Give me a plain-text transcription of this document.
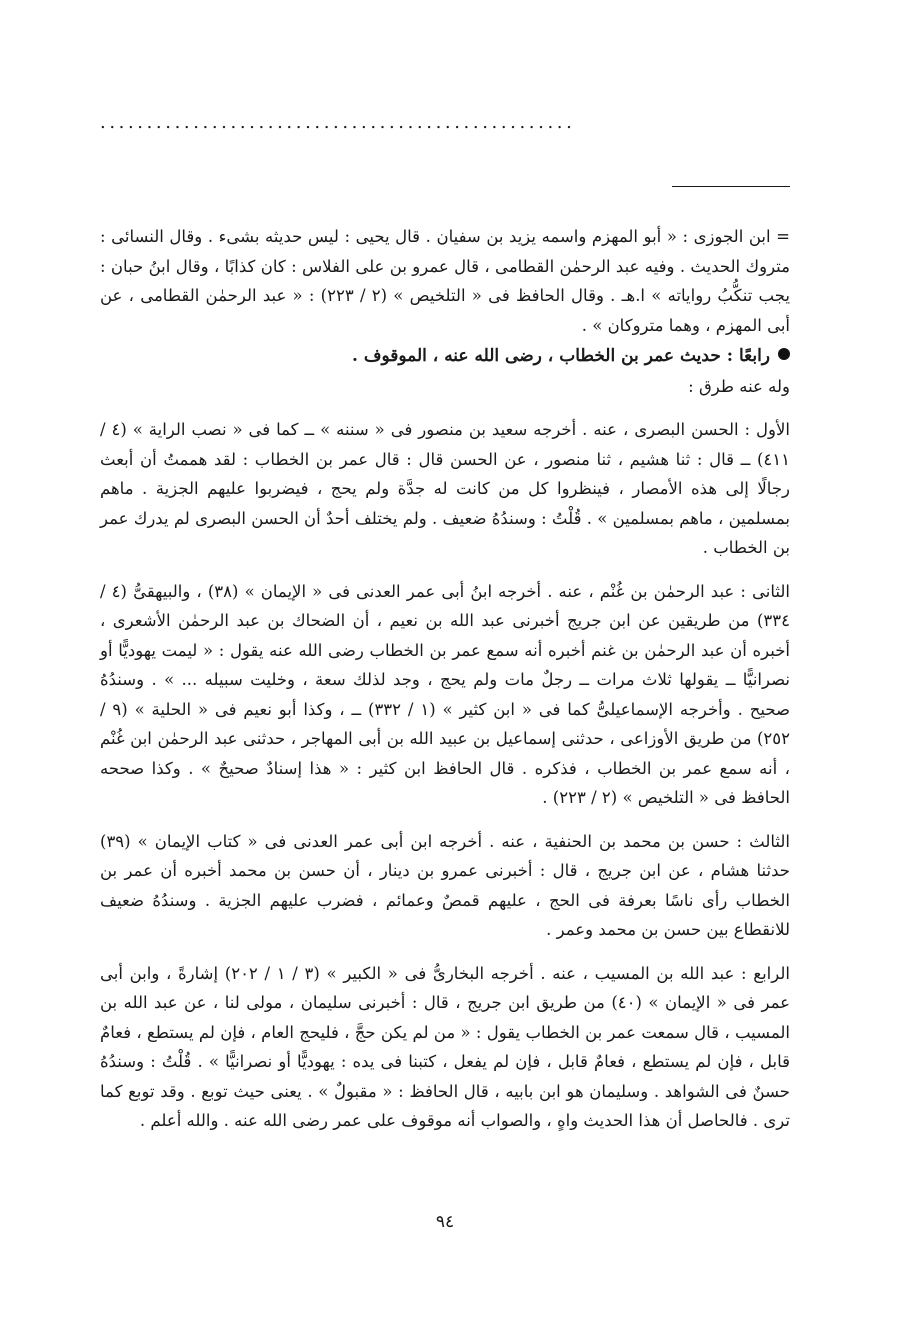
...................................................

= ابن الجوزى : « أبو المهزم واسمه يزيد بن سفيان . قال يحيى : ليس حديثه بشىء . وقال النسائى : متروك الحديث . وفيه عبد الرحمٰن القطامى ، قال عمرو بن على الفلاس : كان كذابًا ، وقال ابنُ حبان : يجب تنكُّبُ رواياته » ا.هـ . وقال الحافظ فى « التلخيص » (٢ / ٢٢٣) : « عبد الرحمٰن القطامى ، عن أبى المهزم ، وهما متروكان » .

رابعًا : حديث عمر بن الخطاب ، رضى الله عنه ، الموقوف .

وله عنه طرق :

الأول : الحسن البصرى ، عنه . أخرجه سعيد بن منصور فى « سننه » ــ كما فى « نصب الراية » (٤ / ٤١١) ــ قال : ثنا هشيم ، ثنا منصور ، عن الحسن قال : قال عمر بن الخطاب : لقد هممتُ أن أبعث رجالًا إلى هذه الأمصار ، فينظروا كل من كانت له جدَّة ولم يحج ، فيضربوا عليهم الجزية . ماهم بمسلمين ، ماهم بمسلمين » . قُلْتُ : وسندُهُ ضعيف . ولم يختلف أحدٌ أن الحسن البصرى لم يدرك عمر بن الخطاب .

الثانى : عبد الرحمٰن بن غُنْم ، عنه . أخرجه ابنُ أبى عمر العدنى فى « الإيمان » (٣٨) ، والبيهقىُّ (٤ / ٣٣٤) من طريقين عن ابن جريج أخبرنى عبد الله بن نعيم ، أن الضحاك بن عبد الرحمٰن الأشعرى ، أخبره أن عبد الرحمٰن بن غنم أخبره أنه سمع عمر بن الخطاب رضى الله عنه يقول : « ليمت يهوديًّا أو نصرانيًّا ــ يقولها ثلاث مرات ــ رجلٌ مات ولم يحج ، وجد لذلك سعة ، وخليت سبيله ... » . وسندُهُ صحيح . وأخرجه الإسماعيلىُّ كما فى « ابن كثير » (١ / ٣٣٢) ــ ، وكذا أبو نعيم فى « الحلية » (٩ / ٢٥٢) من طريق الأوزاعى ، حدثنى إسماعيل بن عبيد الله بن أبى المهاجر ، حدثنى عبد الرحمٰن ابن غُنْم ، أنه سمع عمر بن الخطاب ، فذكره . قال الحافظ ابن كثير : « هذا إسنادٌ صحيحٌ » . وكذا صححه الحافظ فى « التلخيص » (٢ / ٢٢٣) .

الثالث : حسن بن محمد بن الحنفية ، عنه . أخرجه ابن أبى عمر العدنى فى « كتاب الإيمان » (٣٩) حدثنا هشام ، عن ابن جريج ، قال : أخبرنى عمرو بن دينار ، أن حسن بن محمد أخبره أن عمر بن الخطاب رأى ناسًا بعرفة فى الحج ، عليهم قمصٌ وعمائم ، فضرب عليهم الجزية . وسندُهُ ضعيف للانقطاع بين حسن بن محمد وعمر .

الرابع : عبد الله بن المسيب ، عنه . أخرجه البخارىُّ فى « الكبير » (٣ / ١ / ٢٠٢) إشارةً ، وابن أبى عمر فى « الإيمان » (٤٠) من طريق ابن جريج ، قال : أخبرنى سليمان ، مولى لنا ، عن عبد الله بن المسيب ، قال سمعت عمر بن الخطاب يقول : « من لم يكن حجَّ ، فليحج العام ، فإن لم يستطع ، فعامٌ قابل ، فإن لم يستطع ، فعامٌ قابل ، فإن لم يفعل ، كتبنا فى يده : يهوديًّا أو نصرانيًّا » . قُلْتُ : وسندُهُ حسنٌ فى الشواهد . وسليمان هو ابن بابيه ، قال الحافظ : « مقبولٌ » . يعنى حيث توبع . وقد توبع كما ترى . فالحاصل أن هذا الحديث واهٍ ، والصواب أنه موقوف على عمر رضى الله عنه . والله أعلم .

٩٤
